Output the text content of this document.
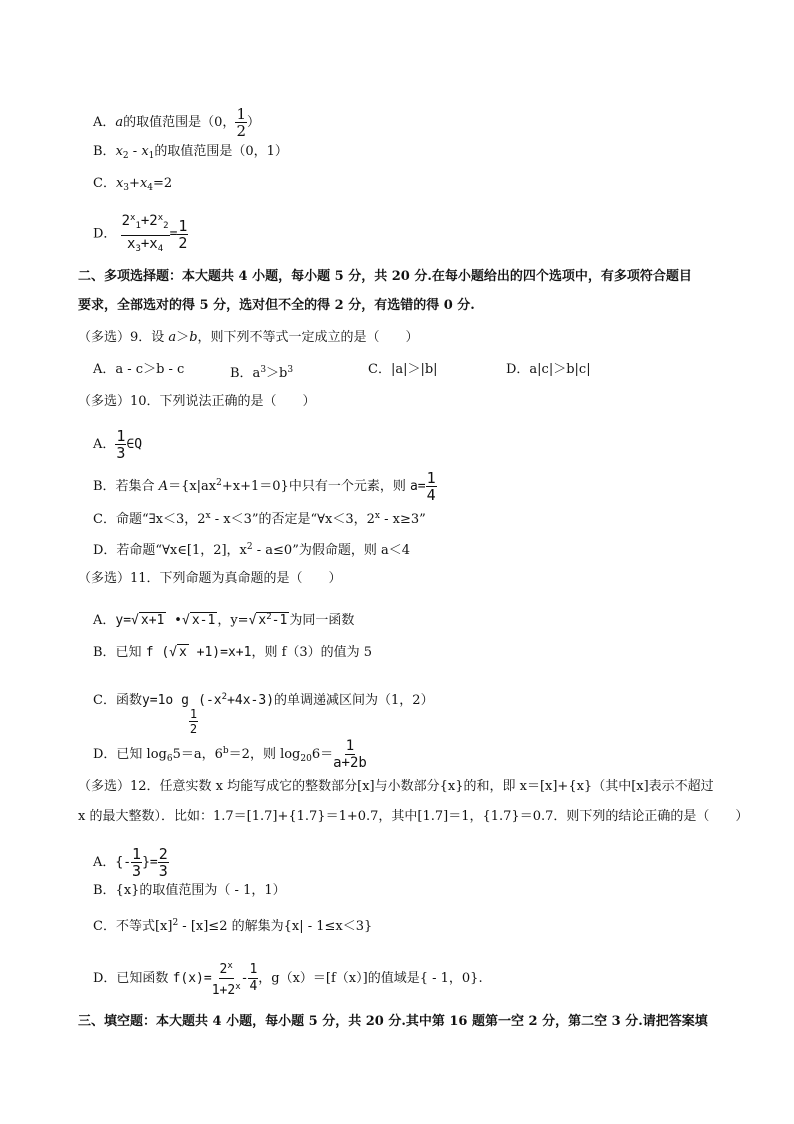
A．a的取值范围是（0， $\frac{1}{2}$ ）
B．$x_2 - x_1$的取值范围是（0，1）
C．$x_3+x_4=2$
D． $\frac{2^x_1+2^x_2}{x_3+x_4} = \frac{1}{2}$
二、多项选择题：本大题共 4 小题，每小题 5 分，共 20 分.在每小题给出的四个选项中，有多项符合题目
要求，全部选对的得 5 分，选对但不全的得 2 分，有选错的得 0 分.
（多选）9．设 a＞b，则下列不等式一定成立的是（　　）
A．a - c＞b - c	B．$a^3>b^3$	C．|a|＞|b|	D．a|c|＞b|c|
（多选）10．下列说法正确的是（　　）
A． $\frac{1}{3}$ ∈Q
B．若集合 $A=\{x|ax^2+x+1=0\}$中只有一个元素，则 $a= \frac{1}{4}$
C．命题“∃x＜3，2$^x$ - x＜3”的否定是“∀x＜3，2$^x$ - x≥3”
D．若命题“∀x∈[1，2]，$x^2 - a\le 0$”为假命题，则 a＜4
（多选）11．下列命题为真命题的是（　　）
A．y=√ x+1 •√ x-1 ，y=√ $x^2-1$ 为同一函数
B．已知 f (√ x +1)=x+1，则 f（3）的值为 5
C．函数y=1o g
$\frac{1}{2}$
$(-x^2+4x-3)$的单调递减区间为（1，2）
D．已知 $\log_65=a$，$6^b=2$，则 $\log_{20}6= \frac{1}{a+2b}$
（多选）12．任意实数 x 均能写成它的整数部分[x]与小数部分{x}的和，即 x＝[x]+{x}（其中[x]表示不超过
x 的最大整数）．比如：1.7＝[1.7]+{1.7}＝1+0.7，其中[1.7]＝1，{1.7}＝0.7．则下列的结论正确的是（　　）
A．{- $\frac{1}{3}$ }= $\frac{2}{3}$
B．{x}的取值范围为（ - 1，1）
C．不等式$[x]^2 - [x]\le 2$ 的解集为{x| - 1≤x＜3}
D．已知函数 $f(x)= \frac{2^x}{1+2^x} - \frac{1}{4}$ ，g（x）＝[f（x）]的值域是{ - 1，0}.
三、填空题：本大题共 4 小题，每小题 5 分，共 20 分.其中第 16 题第一空 2 分，第二空 3 分.请把答案填
